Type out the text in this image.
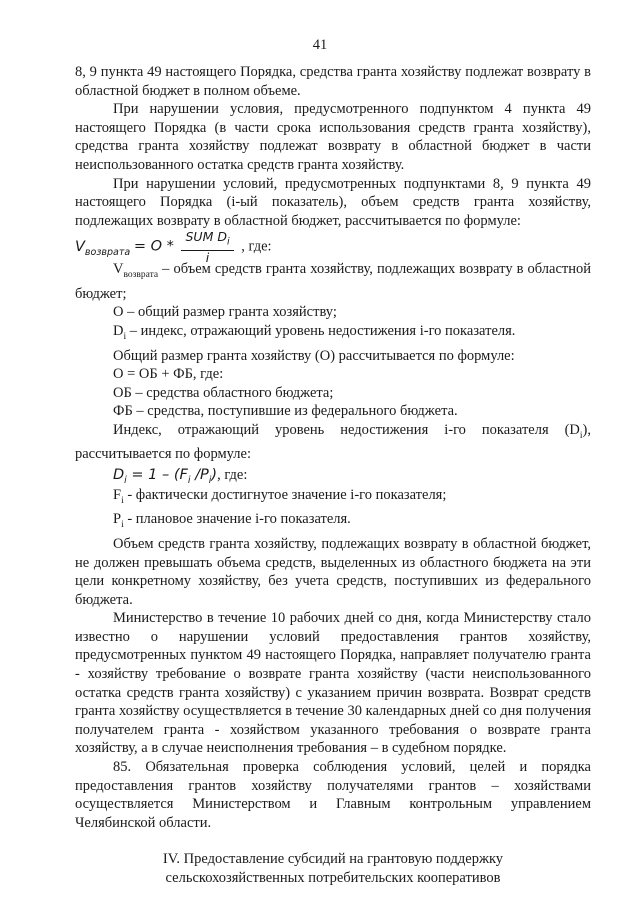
41

8, 9 пункта 49 настоящего Порядка, средства гранта хозяйству подлежат возврату в областной бюджет в полном объеме.

При нарушении условия, предусмотренного подпунктом 4 пункта 49 настоящего Порядка (в части срока использования средств гранта хозяйству), средства гранта хозяйству подлежат возврату в областной бюджет в части неиспользованного остатка средств гранта хозяйству.

При нарушении условий, предусмотренных подпунктами 8, 9 пункта 49 настоящего Порядка (i-ый показатель), объем средств гранта хозяйству, подлежащих возврату в областной бюджет, рассчитывается по формуле:

$V_{возврата} = О * \frac{SUM D_i}{i}$ , где:

$V_{возврата}$ – объем средств гранта хозяйству, подлежащих возврату в областной бюджет;

О – общий размер гранта хозяйству;

$D_i$ – индекс, отражающий уровень недостижения i-го показателя.

Общий размер гранта хозяйству (О) рассчитывается по формуле:

О = ОБ + ФБ, где:

ОБ – средства областного бюджета;

ФБ – средства, поступившие из федерального бюджета.

Индекс, отражающий уровень недостижения i-го показателя $(D_i)$, рассчитывается по формуле:

$D_i = 1 - (F_i$ $/P_i$), где:

$F_i$ - фактически достигнутое значение i-го показателя;

$P_i$ - плановое значение i-го показателя.

Объем средств гранта хозяйству, подлежащих возврату в областной бюджет, не должен превышать объема средств, выделенных из областного бюджета на эти цели конкретному хозяйству, без учета средств, поступивших из федерального бюджета.

Министерство в течение 10 рабочих дней со дня, когда Министерству стало известно о нарушении условий предоставления грантов хозяйству, предусмотренных пунктом 49 настоящего Порядка, направляет получателю гранта - хозяйству требование о возврате гранта хозяйству (части неиспользованного остатка средств гранта хозяйству) с указанием причин возврата. Возврат средств гранта хозяйству осуществляется в течение 30 календарных дней со дня получения получателем гранта - хозяйством указанного требования о возврате гранта хозяйству, а в случае неисполнения требования – в судебном порядке.

85. Обязательная проверка соблюдения условий, целей и порядка предоставления грантов хозяйству получателями грантов – хозяйствами осуществляется Министерством и Главным контрольным управлением Челябинской области.

IV. Предоставление субсидий на грантовую поддержку
сельскохозяйственных потребительских кооперативов
